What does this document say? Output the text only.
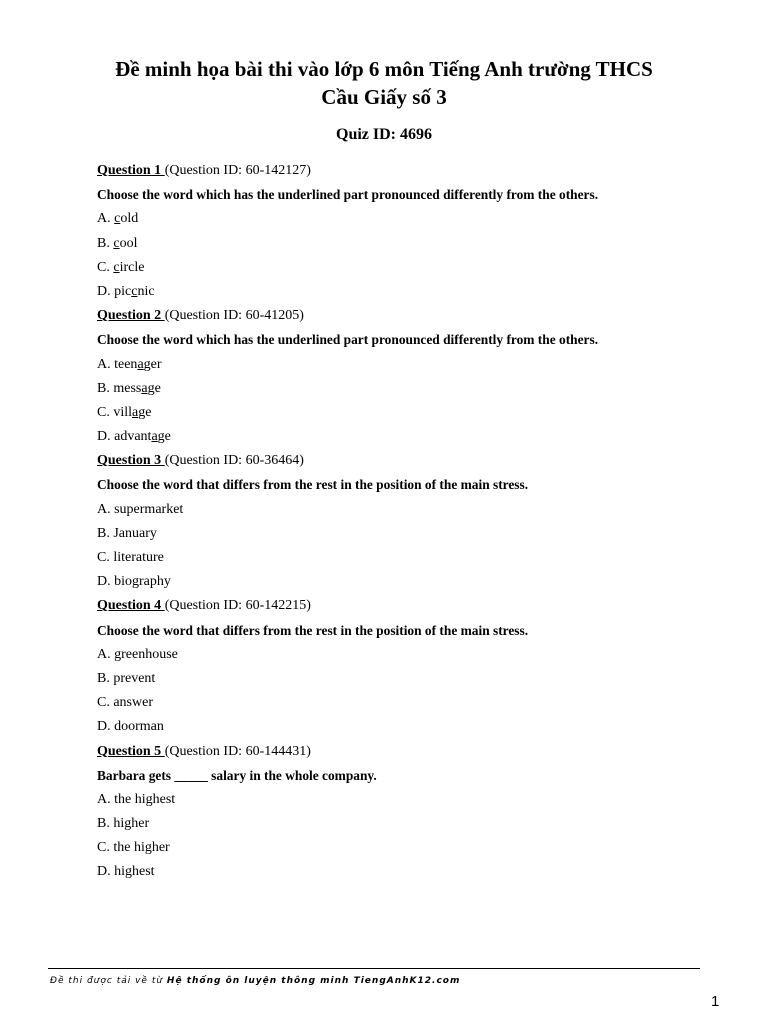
Đề minh họa bài thi vào lớp 6 môn Tiếng Anh trường THCS
Cầu Giấy số 3
Quiz ID: 4696
Question 1 (Question ID: 60-142127)
Choose the word which has the underlined part pronounced differently from the others.
A. cold
B. cool
C. circle
D. piccnic
Question 2 (Question ID: 60-41205)
Choose the word which has the underlined part pronounced differently from the others.
A. teenager
B. message
C. village
D. advantage
Question 3 (Question ID: 60-36464)
Choose the word that differs from the rest in the position of the main stress.
A. supermarket
B. January
C. literature
D. biography
Question 4 (Question ID: 60-142215)
Choose the word that differs from the rest in the position of the main stress.
A. greenhouse
B. prevent
C. answer
D. doorman
Question 5 (Question ID: 60-144431)
Barbara gets _____ salary in the whole company.
A. the highest
B. higher
C. the higher
D. highest
Đề thi được tải về từ Hệ thống ôn luyện thông minh TiengAnhK12.com
1
